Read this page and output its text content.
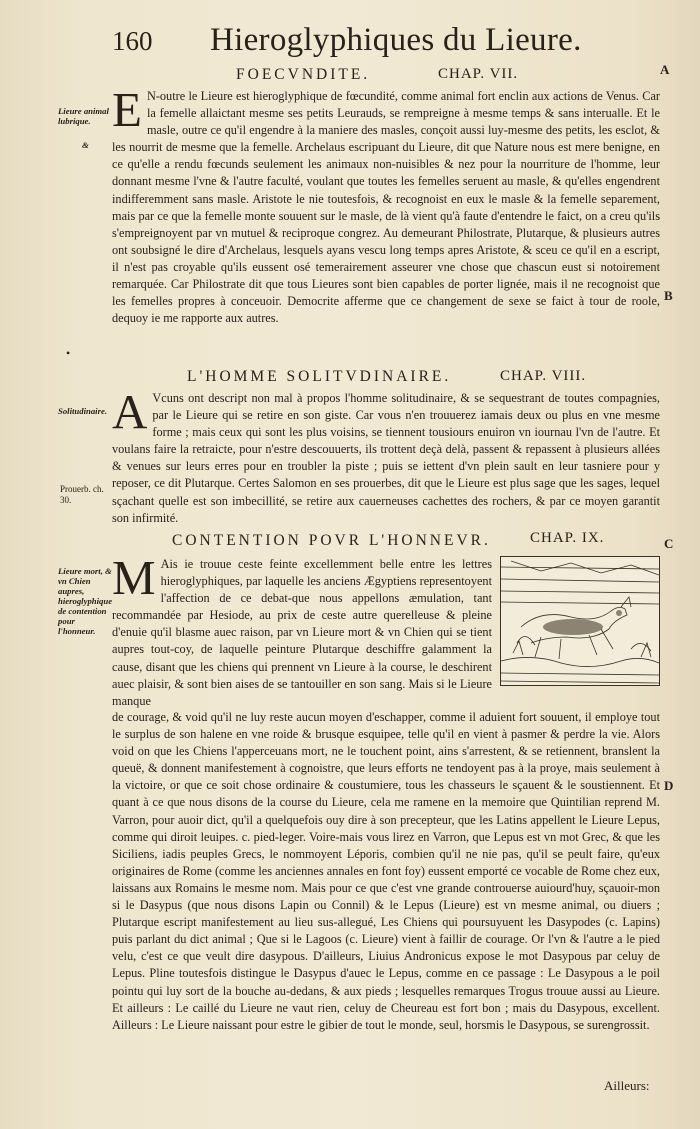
160 Hieroglyphiques du Lieure.
FOECVNDITE.	CHAP. VII.	A
Lieure animal lubrique.
&
E N-outre le Lieure est hieroglyphique de fœcundité, comme animal fort enclin aux actions de Venus. Car la femelle allaictant mesme ses petits Leurauds, se rempreigne à mesme temps & sans interualle. Et le masle, outre ce qu'il engendre à la maniere des masles, conçoit aussi luy-mesme des petits, les esclot, & les nourrit de mesme que la femelle. Archelaus escripuant du Lieure, dit que Nature nous est mere benigne, en ce qu'elle a rendu fœcunds seulement les animaux non-nuisibles & nez pour la nourriture de l'homme, leur donnant mesme l'vne & l'autre faculté, voulant que toutes les femelles seruent au masle, & qu'elles engendrent indifferemment sans masle. Aristote le nie toutesfois, & recognoist en eux le masle & la femelle separement, mais par ce que la femelle monte souuent sur le masle, de là vient qu'à faute d'entendre le faict, on a creu qu'ils s'empreignoyent par vn mutuel & reciproque congrez. Au demeurant Philostrate, Plutarque, & plusieurs autres ont soubsigné le dire d'Archelaus, lesquels ayans vescu long temps apres Aristote, & sceu ce qu'il en a escript, il n'est pas croyable qu'ils eussent osé temerairement asseurer vne chose que chascun eust si notoirement remarquée. Car Philostrate dit que tous Lieures sont bien capables de porter lignée, mais il ne recognoist que les femelles propres à conceuoir. Democrite afferme que ce changement de sexe se faict à tour de roole, dequoy ie me rapporte aux autres.
B
•
L'HOMME SOLITVDINAIRE.	CHAP. VIII.
Solitudinaire.
Prouerb. ch. 30.
A Vcuns ont descript non mal à propos l'homme solitudinaire, & se sequestrant de toutes compagnies, par le Lieure qui se retire en son giste. Car vous n'en trouuerez iamais deux ou plus en vne mesme forme ; mais ceux qui sont les plus voisins, se tiennent tousiours enuiron vn iournau l'vn de l'autre. Et voulans faire la retraicte, pour n'estre descouuerts, ils trottent deçà delà, passent & repassent à plusieurs allées & venues sur leurs erres pour en troubler la piste ; puis se iettent d'vn plein sault en leur tasniere pour y reposer, ce dit Plutarque. Certes Salomon en ses prouerbes, dit que le Lieure est plus sage que les sages, lequel sçachant quelle est son imbecillité, se retire aux cauerneuses cachettes des rochers, & par ce moyen garantit son infirmité.
CONTENTION POVR L'HONNEVR.	CHAP. IX.	C
Lieure mort, & vn Chien aupres, hieroglyphique de contention pour l'honneur.
M Ais ie trouue ceste feinte excellemment belle entre les lettres hieroglyphiques, par laquelle les anciens Ægyptiens representoyent l'affection de ce debat-que nous appellons æmulation, tant recommandée par Hesiode, au prix de ceste autre querelleuse & pleine d'enuie qu'il blasme auec raison, par vn Lieure mort & vn Chien qui se tient aupres tout-coy, de laquelle peinture Plutarque deschiffre galamment la cause, disant que les chiens qui prennent vn Lieure à la course, le deschirent auec plaisir, & sont bien aises de se tantouiller en son sang. Mais si le Lieure manque
de courage, & void qu'il ne luy reste aucun moyen d'eschapper, comme il aduient fort souuent, il employe tout le surplus de son halene en vne roide & brusque esquipee, telle qu'il en vient à pasmer & perdre la vie. Alors void on que les Chiens l'apperceuans mort, ne le touchent point, ains s'arrestent, & se retiennent, branslent la queuë, & donnent manifestement à cognoistre, que leurs efforts ne tendoyent pas à la proye, mais seulement à la victoire, or que ce soit chose ordinaire & coustumiere, tous les chasseurs le sçauent & le soustiennent. Et quant à ce que nous disons de la course du Lieure, cela me ramene en la memoire que Quintilian reprend M. Varron, pour auoir dict, qu'il a quelquefois ouy dire à son precepteur, que les Latins appellent le Lieure Lepus, comme qui diroit leuipes. c. pied-leger. Voire-mais vous lirez en Varron, que Lepus est vn mot Grec, & que les Siciliens, iadis peuples Grecs, le nommoyent Léporis, combien qu'il ne nie pas, qu'il se peult faire, qu'eux originaires de Rome (comme les anciennes annales en font foy) eussent emporté ce vocable de Rome chez eux, laissans aux Romains le mesme nom. Mais pour ce que c'est vne grande controuerse auiourd'huy, sçauoir-mon si le Dasypus (que nous disons Lapin ou Connil) & le Lepus (Lieure) est vn mesme animal, ou diuers ; Plutarque escript manifestement au lieu sus-allegué, Les Chiens qui poursuyuent les Dasypodes (c. Lapins) puis parlant du dict animal ; Que si le Lagoos (c. Lieure) vient à faillir de courage. Or l'vn & l'autre a le pied velu, c'est ce que veult dire dasypous. D'ailleurs, Liuius Andronicus expose le mot Dasypous par celuy de Lepus. Pline toutesfois distingue le Dasypus d'auec le Lepus, comme en ce passage : Le Dasypous a le poil pointu qui luy sort de la bouche au-dedans, & aux pieds ; lesquelles remarques Trogus trouue aussi au Lieure. Et ailleurs : Le caillé du Lieure ne vaut rien, celuy de Cheureau est fort bon ; mais du Dasypous, excellent. Ailleurs : Le Lieure naissant pour estre le gibier de tout le monde, seul, horsmis le Dasypous, se surengrossit.
D
Ailleurs:
